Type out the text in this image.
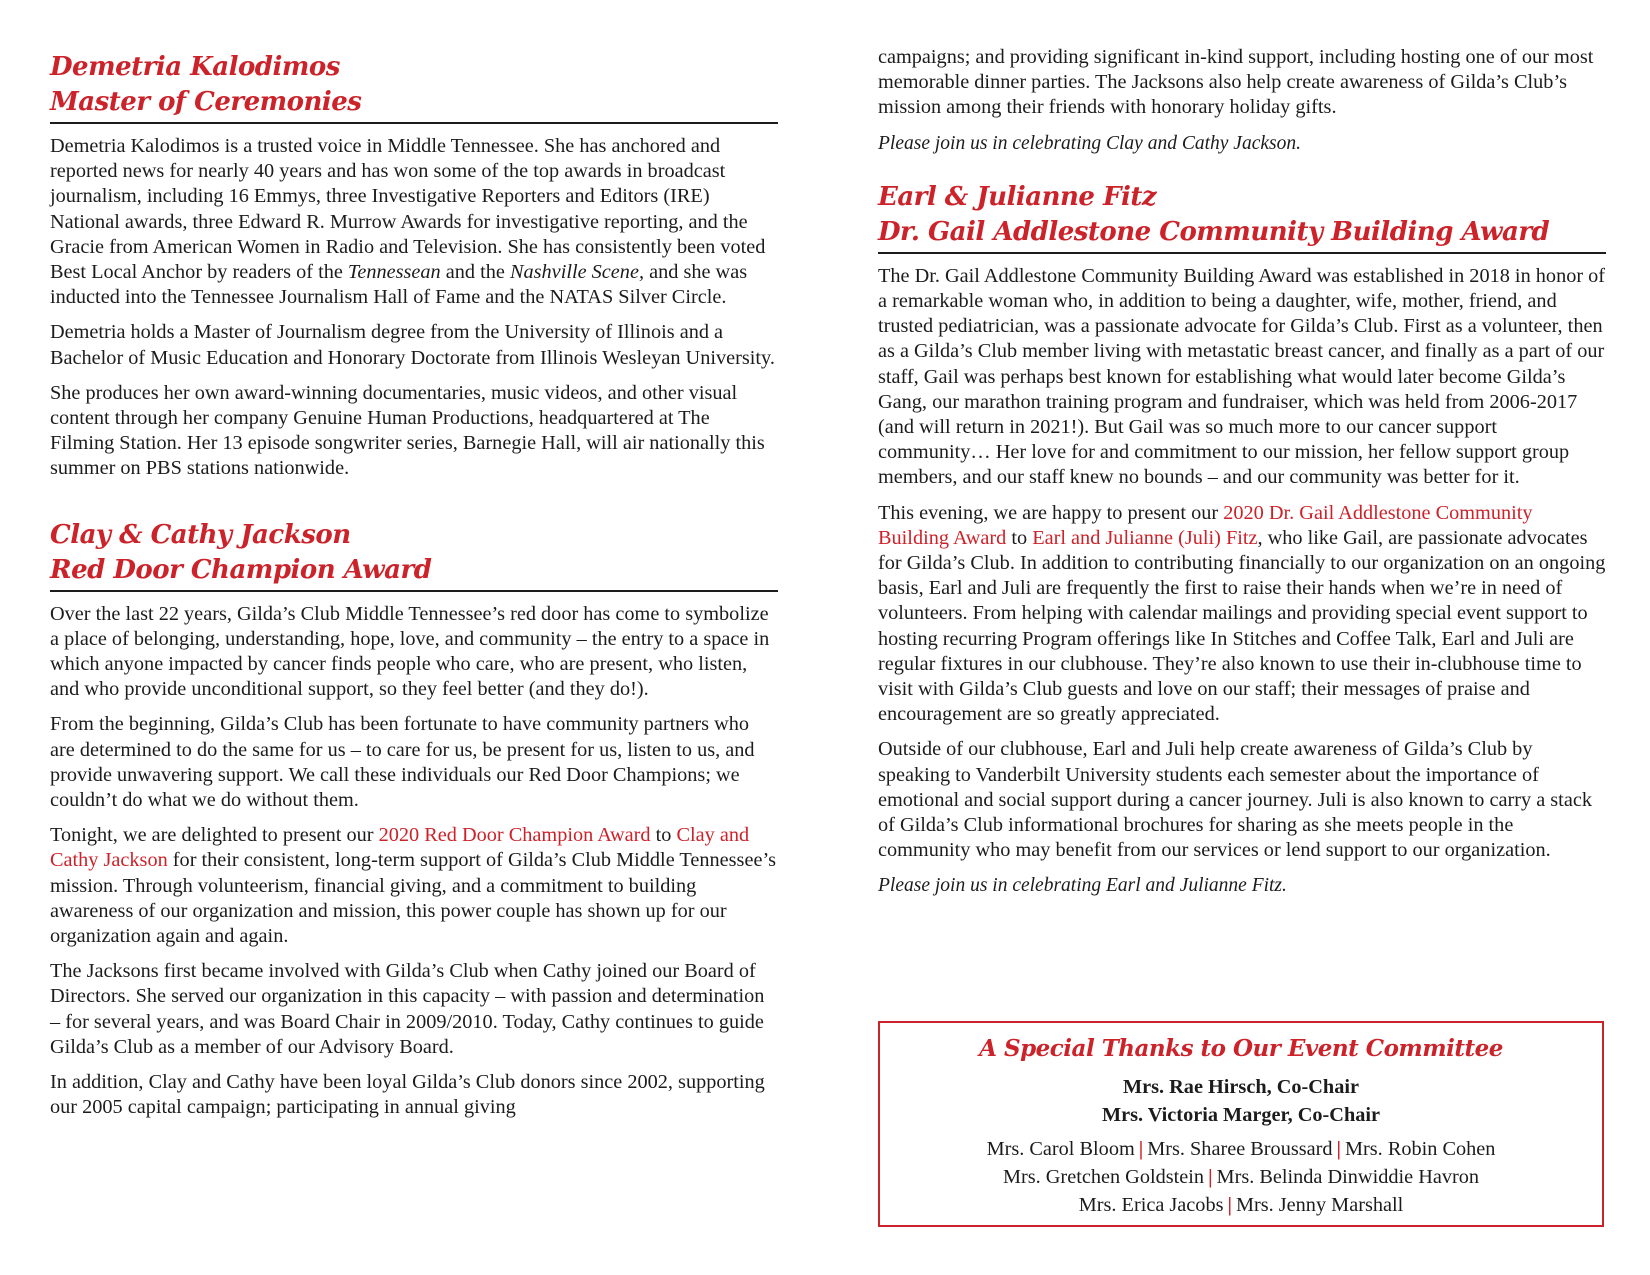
Demetria Kalodimos
Master of Ceremonies

Demetria Kalodimos is a trusted voice in Middle Tennessee. She has anchored and reported news for nearly 40 years and has won some of the top awards in broadcast journalism, including 16 Emmys, three Investigative Reporters and Editors (IRE) National awards, three Edward R. Murrow Awards for investigative reporting, and the Gracie from American Women in Radio and Television. She has consistently been voted Best Local Anchor by readers of the Tennessean and the Nashville Scene, and she was inducted into the Tennessee Journalism Hall of Fame and the NATAS Silver Circle.

Demetria holds a Master of Journalism degree from the University of Illinois and a Bachelor of Music Education and Honorary Doctorate from Illinois Wesleyan University.

She produces her own award-winning documentaries, music videos, and other visual content through her company Genuine Human Productions, headquartered at The Filming Station. Her 13 episode songwriter series, Barnegie Hall, will air nationally this summer on PBS stations nationwide.

Clay & Cathy Jackson
Red Door Champion Award

Over the last 22 years, Gilda’s Club Middle Tennessee’s red door has come to symbolize a place of belonging, understanding, hope, love, and community – the entry to a space in which anyone impacted by cancer finds people who care, who are present, who listen, and who provide unconditional support, so they feel better (and they do!).

From the beginning, Gilda’s Club has been fortunate to have community partners who are determined to do the same for us – to care for us, be present for us, listen to us, and provide unwavering support. We call these individuals our Red Door Champions; we couldn’t do what we do without them.

Tonight, we are delighted to present our 2020 Red Door Champion Award to Clay and Cathy Jackson for their consistent, long-term support of Gilda’s Club Middle Tennessee’s mission. Through volunteerism, financial giving, and a commitment to building awareness of our organization and mission, this power couple has shown up for our organization again and again.

The Jacksons first became involved with Gilda’s Club when Cathy joined our Board of Directors. She served our organization in this capacity – with passion and determination – for several years, and was Board Chair in 2009/2010. Today, Cathy continues to guide Gilda’s Club as a member of our Advisory Board.

In addition, Clay and Cathy have been loyal Gilda’s Club donors since 2002, supporting our 2005 capital campaign; participating in annual giving

campaigns; and providing significant in-kind support, including hosting one of our most memorable dinner parties. The Jacksons also help create awareness of Gilda’s Club’s mission among their friends with honorary holiday gifts.

Please join us in celebrating Clay and Cathy Jackson.

Earl & Julianne Fitz
Dr. Gail Addlestone Community Building Award

The Dr. Gail Addlestone Community Building Award was established in 2018 in honor of a remarkable woman who, in addition to being a daughter, wife, mother, friend, and trusted pediatrician, was a passionate advocate for Gilda’s Club. First as a volunteer, then as a Gilda’s Club member living with metastatic breast cancer, and finally as a part of our staff, Gail was perhaps best known for establishing what would later become Gilda’s Gang, our marathon training program and fundraiser, which was held from 2006-2017 (and will return in 2021!). But Gail was so much more to our cancer support community… Her love for and commitment to our mission, her fellow support group members, and our staff knew no bounds – and our community was better for it.

This evening, we are happy to present our 2020 Dr. Gail Addlestone Community Building Award to Earl and Julianne (Juli) Fitz, who like Gail, are passionate advocates for Gilda’s Club. In addition to contributing financially to our organization on an ongoing basis, Earl and Juli are frequently the first to raise their hands when we’re in need of volunteers. From helping with calendar mailings and providing special event support to hosting recurring Program offerings like In Stitches and Coffee Talk, Earl and Juli are regular fixtures in our clubhouse. They’re also known to use their in-clubhouse time to visit with Gilda’s Club guests and love on our staff; their messages of praise and encouragement are so greatly appreciated.

Outside of our clubhouse, Earl and Juli help create awareness of Gilda’s Club by speaking to Vanderbilt University students each semester about the importance of emotional and social support during a cancer journey. Juli is also known to carry a stack of Gilda’s Club informational brochures for sharing as she meets people in the community who may benefit from our services or lend support to our organization.

Please join us in celebrating Earl and Julianne Fitz.

A Special Thanks to Our Event Committee
Mrs. Rae Hirsch, Co-Chair
Mrs. Victoria Marger, Co-Chair
Mrs. Carol Bloom | Mrs. Sharee Broussard | Mrs. Robin Cohen
Mrs. Gretchen Goldstein | Mrs. Belinda Dinwiddie Havron
Mrs. Erica Jacobs | Mrs. Jenny Marshall
